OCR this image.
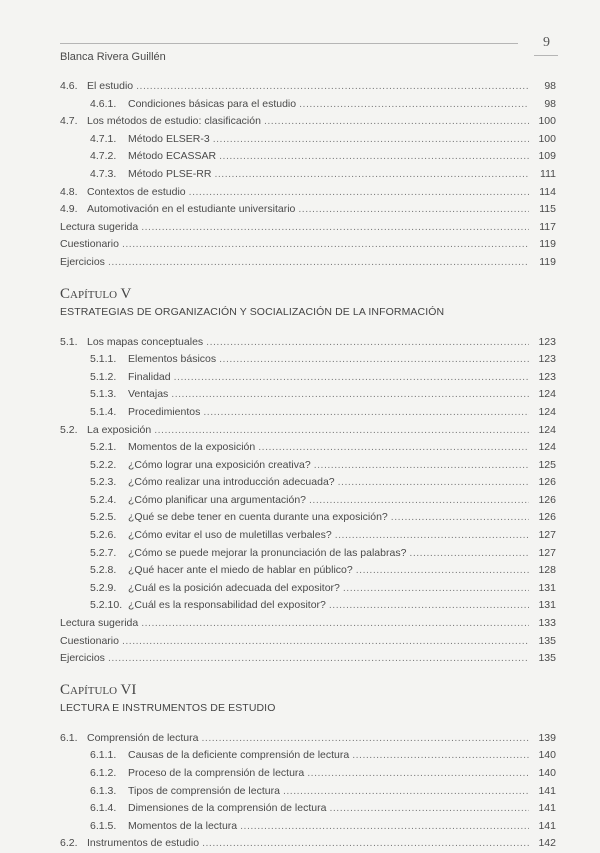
9
Blanca Rivera Guillén
4.6. El estudio .....	98
4.6.1.	Condiciones básicas para el estudio .....	98
4.7. Los métodos de estudio: clasificación .....	100
4.7.1.	Método ELSER-3 .....	100
4.7.2.	Método ECASSAR .....	109
4.7.3.	Método PLSE-RR .....	111
4.8. Contextos de estudio .....	114
4.9. Automotivación en el estudiante universitario .....	115
Lectura sugerida .....	117
Cuestionario .....	119
Ejercicios .....	119
Capítulo V
ESTRATEGIAS DE ORGANIZACIÓN Y SOCIALIZACIÓN DE LA INFORMACIÓN
5.1. Los mapas conceptuales .....	123
5.1.1.	Elementos básicos .....	123
5.1.2.	Finalidad .....	123
5.1.3.	Ventajas .....	124
5.1.4.	Procedimientos .....	124
5.2. La exposición .....	124
5.2.1.	Momentos de la exposición .....	124
5.2.2.	¿Cómo lograr una exposición creativa? .....	125
5.2.3.	¿Cómo realizar una introducción adecuada? .....	126
5.2.4.	¿Cómo planificar una argumentación? .....	126
5.2.5.	¿Qué se debe tener en cuenta durante una exposición? .....	126
5.2.6.	¿Cómo evitar el uso de muletillas verbales? .....	127
5.2.7.	¿Cómo se puede mejorar la pronunciación de las palabras? .....	127
5.2.8.	¿Qué hacer ante el miedo de hablar en público? .....	128
5.2.9.	¿Cuál es la posición adecuada del expositor? .....	131
5.2.10. ¿Cuál es la responsabilidad del expositor? .....	131
Lectura sugerida .....	133
Cuestionario .....	135
Ejercicios .....	135
Capítulo VI
LECTURA E INSTRUMENTOS DE ESTUDIO
6.1. Comprensión de lectura .....	139
6.1.1.	Causas de la deficiente comprensión de lectura .....	140
6.1.2.	Proceso de la comprensión de lectura .....	140
6.1.3.	Tipos de comprensión de lectura .....	141
6.1.4.	Dimensiones de la comprensión de lectura .....	141
6.1.5.	Momentos de la lectura .....	141
6.2. Instrumentos de estudio .....	142
